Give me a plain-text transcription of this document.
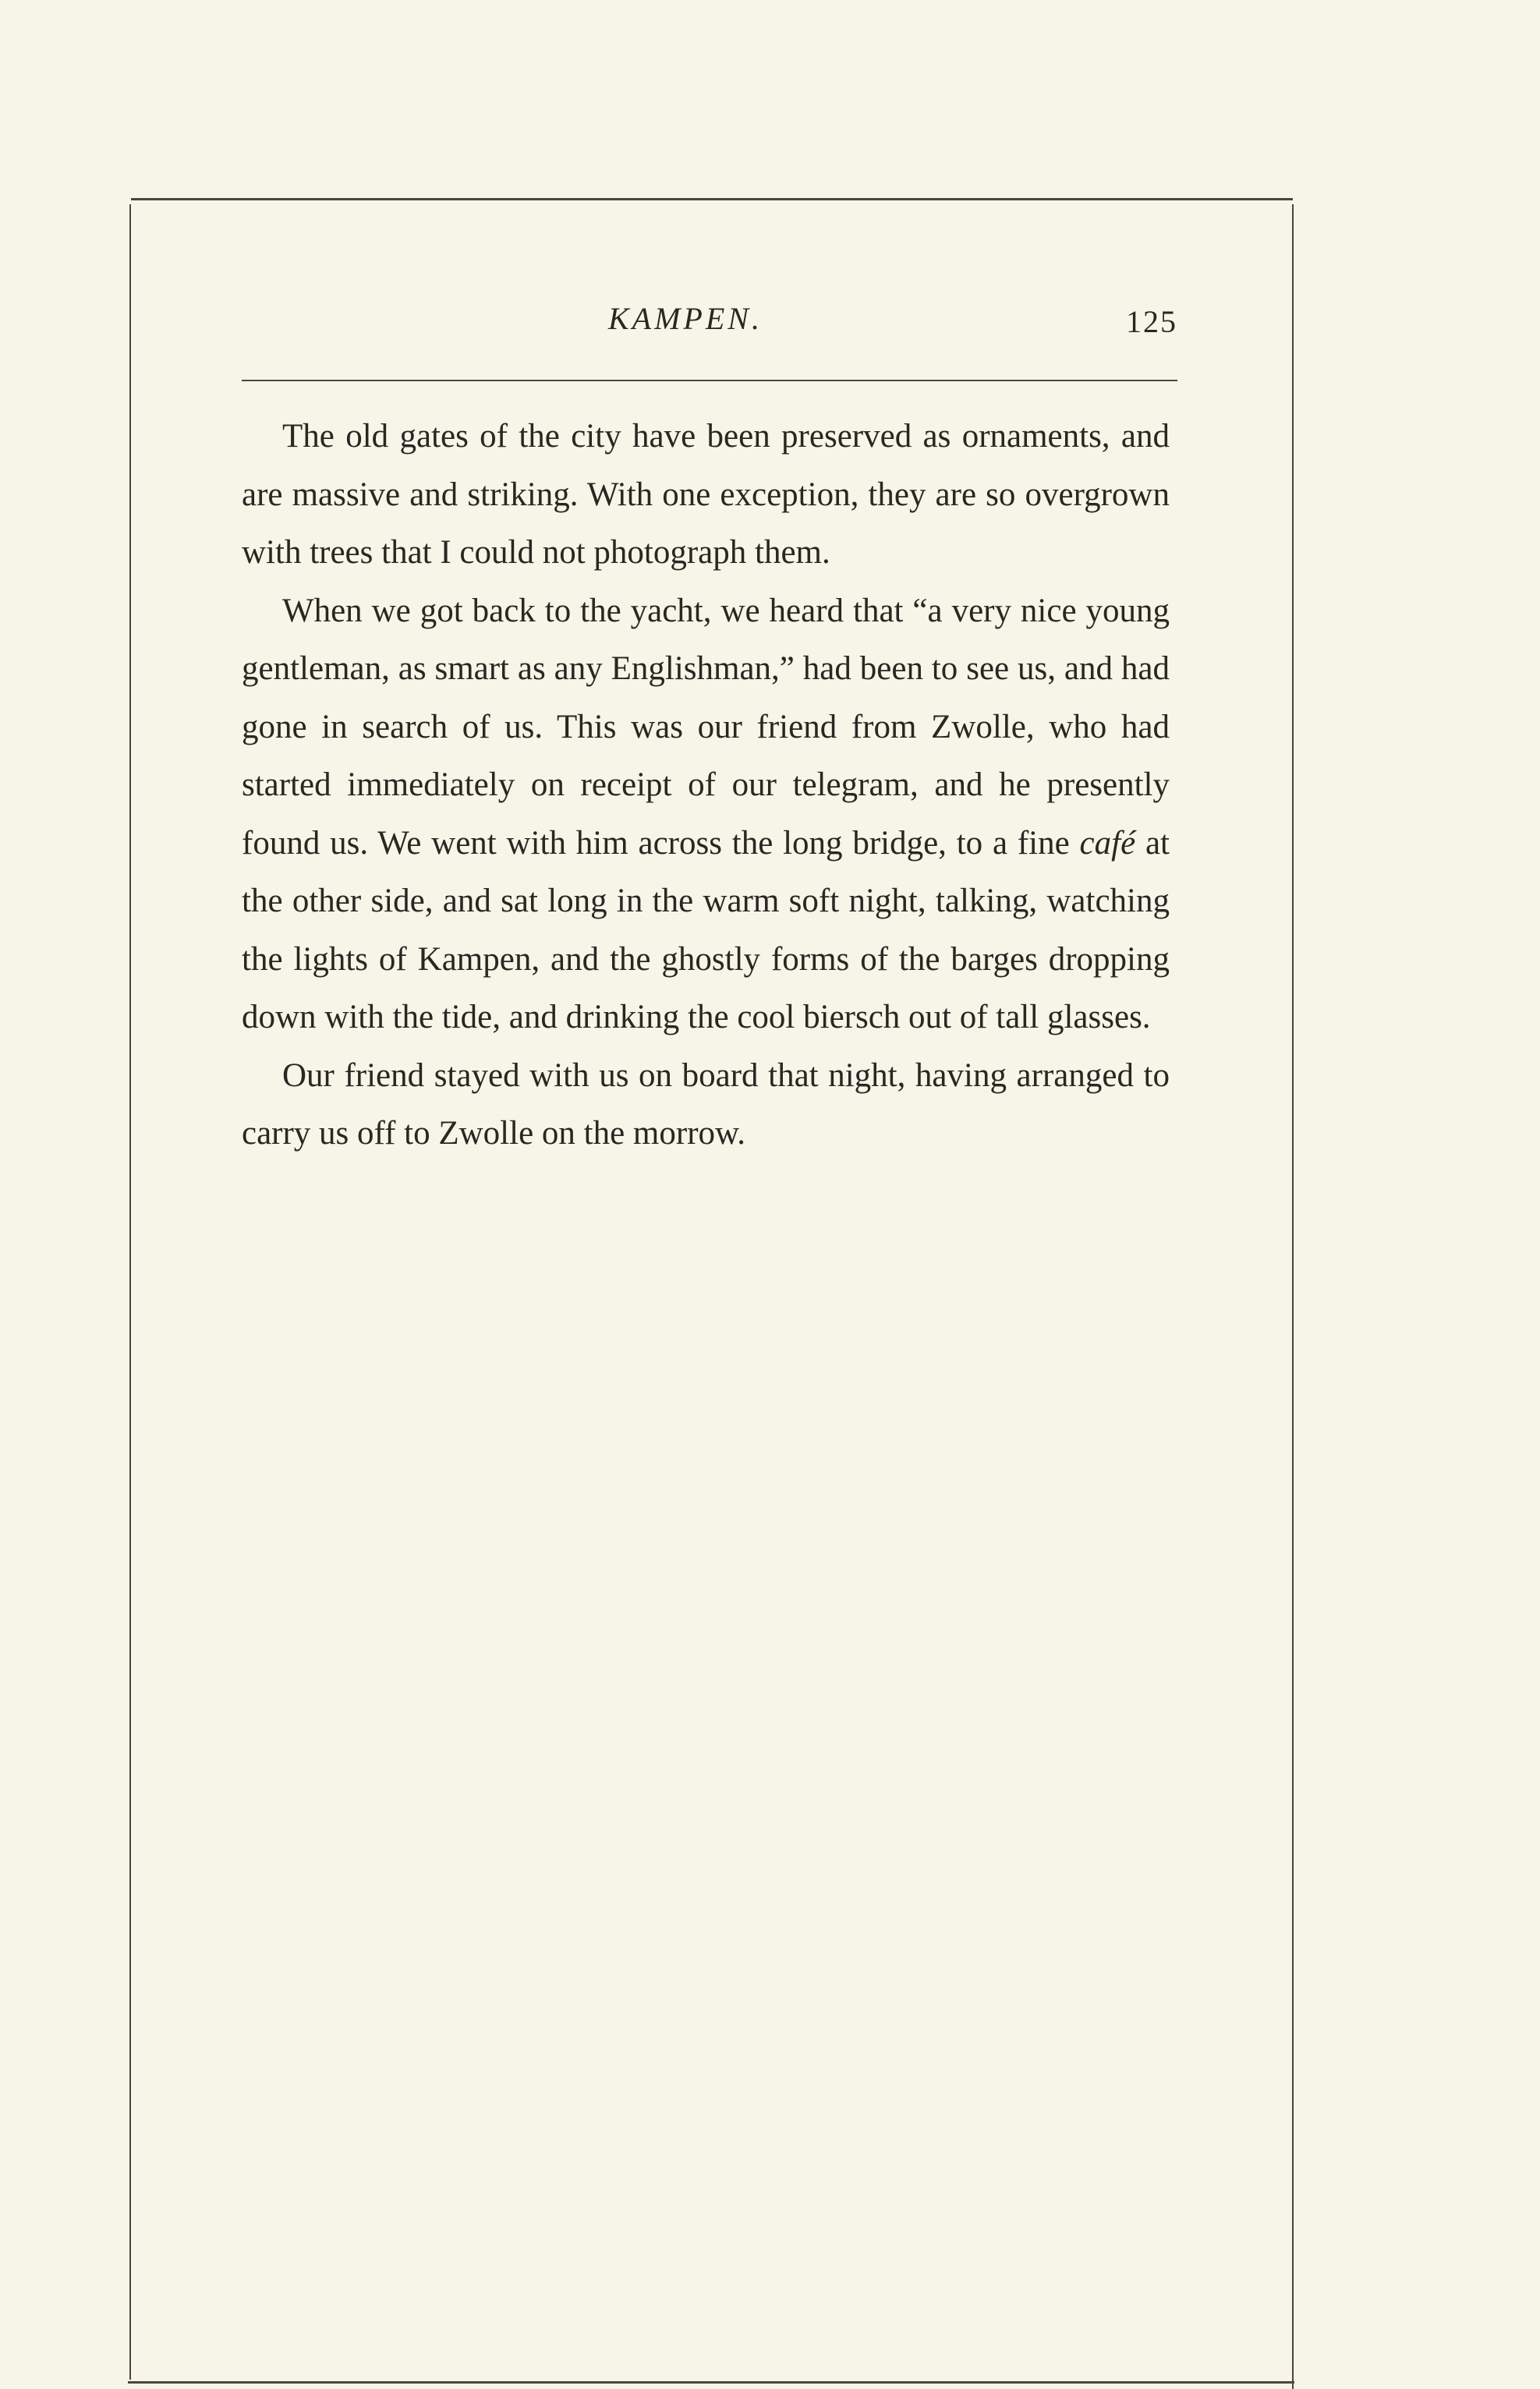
KAMPEN.	125

The old gates of the city have been preserved as ornaments, and are massive and striking. With one exception, they are so overgrown with trees that I could not photograph them.

When we got back to the yacht, we heard that “a very nice young gentleman, as smart as any Englishman,” had been to see us, and had gone in search of us. This was our friend from Zwolle, who had started immediately on receipt of our telegram, and he presently found us. We went with him across the long bridge, to a fine café at the other side, and sat long in the warm soft night, talking, watching the lights of Kampen, and the ghostly forms of the barges dropping down with the tide, and drinking the cool biersch out of tall glasses.

Our friend stayed with us on board that night, having arranged to carry us off to Zwolle on the morrow.
